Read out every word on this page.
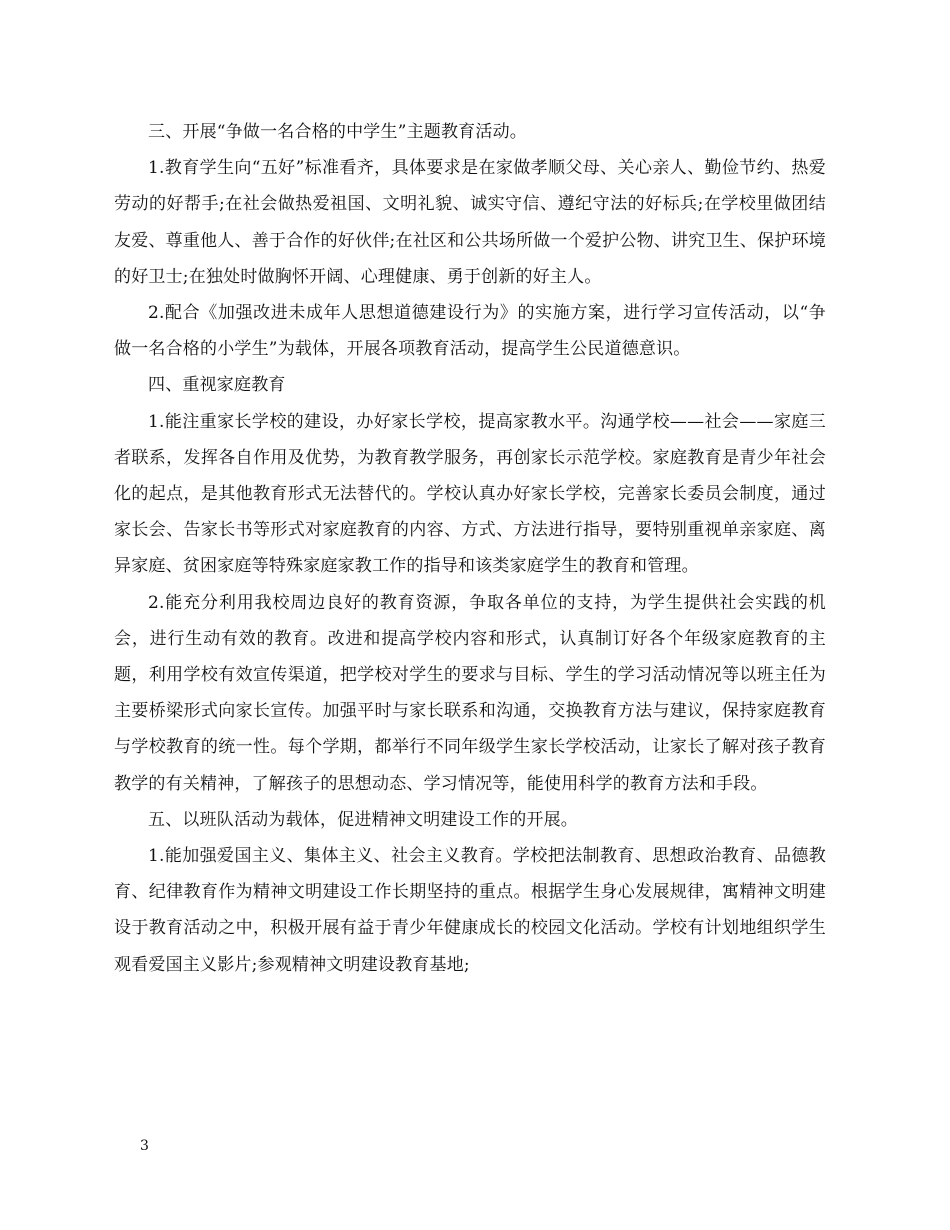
三、开展“争做一名合格的中学生”主题教育活动。

1.教育学生向“五好”标准看齐，具体要求是在家做孝顺父母、关心亲人、勤俭节约、热爱劳动的好帮手;在社会做热爱祖国、文明礼貌、诚实守信、遵纪守法的好标兵;在学校里做团结友爱、尊重他人、善于合作的好伙伴;在社区和公共场所做一个爱护公物、讲究卫生、保护环境的好卫士;在独处时做胸怀开阔、心理健康、勇于创新的好主人。

2.配合《加强改进未成年人思想道德建设行为》的实施方案，进行学习宣传活动，以“争做一名合格的小学生”为载体，开展各项教育活动，提高学生公民道德意识。

四、重视家庭教育

1.能注重家长学校的建设，办好家长学校，提高家教水平。沟通学校——社会——家庭三者联系，发挥各自作用及优势，为教育教学服务，再创家长示范学校。家庭教育是青少年社会化的起点，是其他教育形式无法替代的。学校认真办好家长学校，完善家长委员会制度，通过家长会、告家长书等形式对家庭教育的内容、方式、方法进行指导，要特别重视单亲家庭、离异家庭、贫困家庭等特殊家庭家教工作的指导和该类家庭学生的教育和管理。

2.能充分利用我校周边良好的教育资源，争取各单位的支持，为学生提供社会实践的机会，进行生动有效的教育。改进和提高学校内容和形式，认真制订好各个年级家庭教育的主题，利用学校有效宣传渠道，把学校对学生的要求与目标、学生的学习活动情况等以班主任为主要桥梁形式向家长宣传。加强平时与家长联系和沟通，交换教育方法与建议，保持家庭教育与学校教育的统一性。每个学期，都举行不同年级学生家长学校活动，让家长了解对孩子教育教学的有关精神，了解孩子的思想动态、学习情况等，能使用科学的教育方法和手段。

五、以班队活动为载体，促进精神文明建设工作的开展。

1.能加强爱国主义、集体主义、社会主义教育。学校把法制教育、思想政治教育、品德教育、纪律教育作为精神文明建设工作长期坚持的重点。根据学生身心发展规律，寓精神文明建设于教育活动之中，积极开展有益于青少年健康成长的校园文化活动。学校有计划地组织学生观看爱国主义影片;参观精神文明建设教育基地;

3
